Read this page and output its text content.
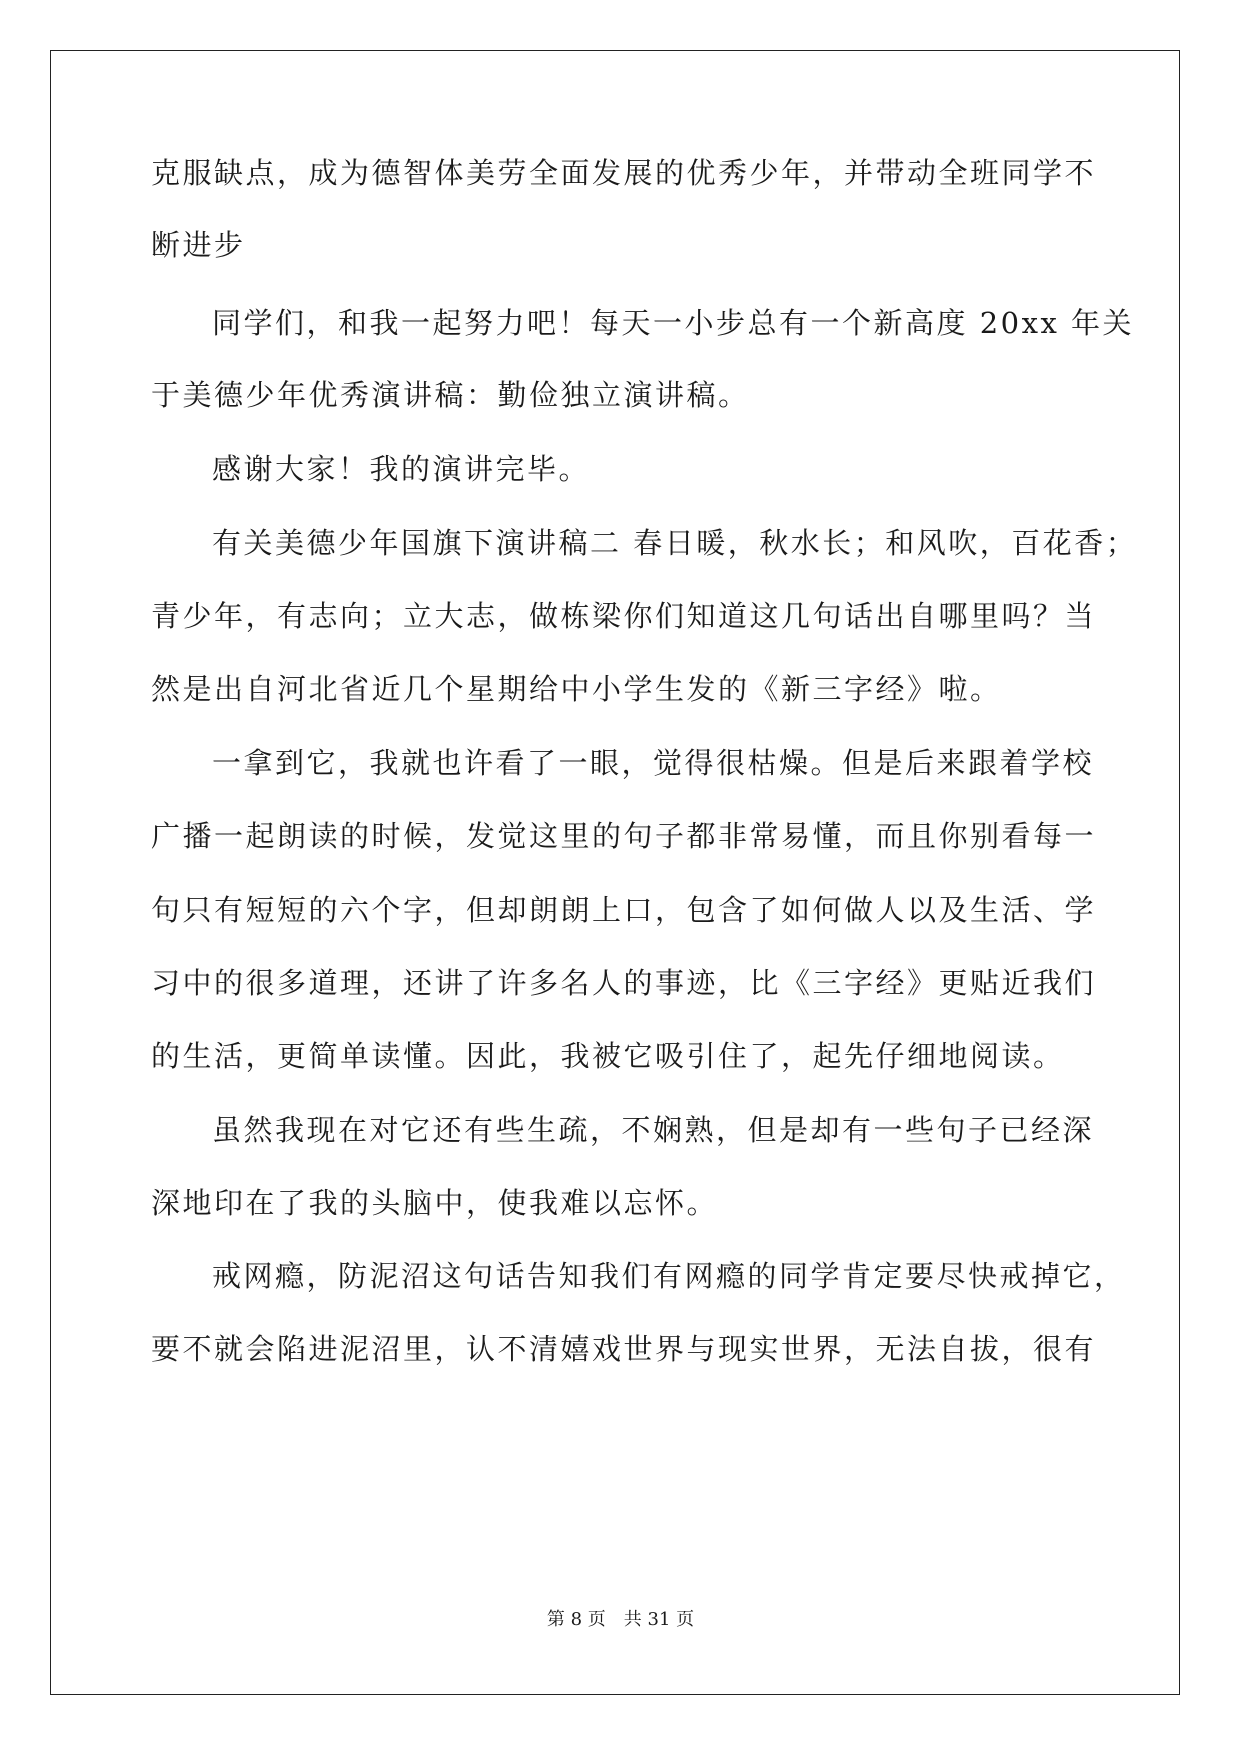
克服缺点，成为德智体美劳全面发展的优秀少年，并带动全班同学不
断进步
同学们，和我一起努力吧！每天一小步总有一个新高度 20xx 年关
于美德少年优秀演讲稿：勤俭独立演讲稿。
感谢大家！我的演讲完毕。
有关美德少年国旗下演讲稿二 春日暖，秋水长；和风吹，百花香；
青少年，有志向；立大志，做栋梁你们知道这几句话出自哪里吗？当
然是出自河北省近几个星期给中小学生发的《新三字经》啦。
一拿到它，我就也许看了一眼，觉得很枯燥。但是后来跟着学校
广播一起朗读的时候，发觉这里的句子都非常易懂，而且你别看每一
句只有短短的六个字，但却朗朗上口，包含了如何做人以及生活、学
习中的很多道理，还讲了许多名人的事迹，比《三字经》更贴近我们
的生活，更简单读懂。因此，我被它吸引住了，起先仔细地阅读。
虽然我现在对它还有些生疏，不娴熟，但是却有一些句子已经深
深地印在了我的头脑中，使我难以忘怀。
戒网瘾，防泥沼这句话告知我们有网瘾的同学肯定要尽快戒掉它，
要不就会陷进泥沼里，认不清嬉戏世界与现实世界，无法自拔，很有
第 8 页 共 31 页
